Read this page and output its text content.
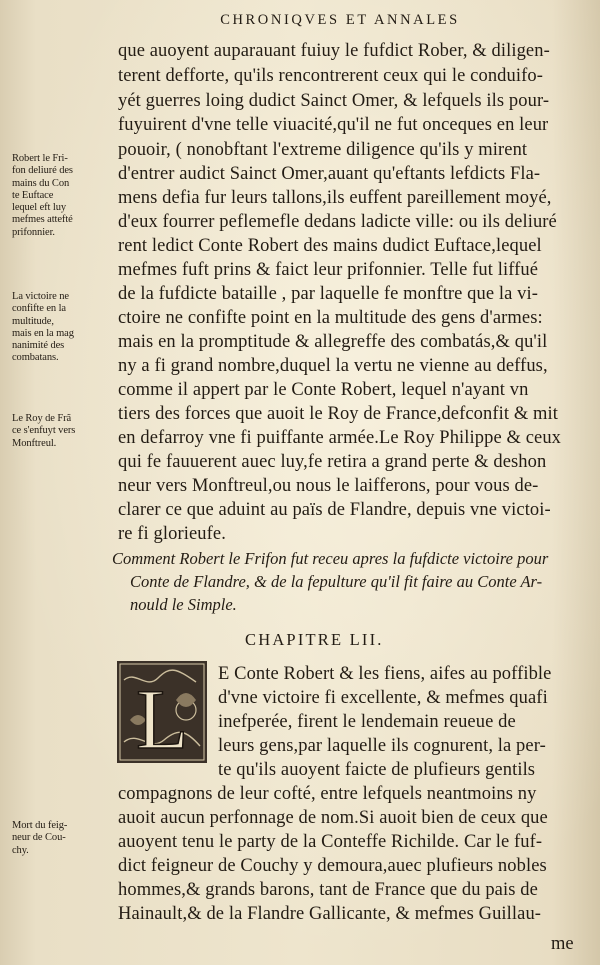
CHRONIQVES ET ANNALES
que auoyent auparauant fuiuy le fufdict Rober, & diligen-
terent defforte, qu'ils rencontrerent ceux qui le conduifo-
yét guerres loing dudict Sainct Omer, & lefquels ils pour-
fuyuirent d'vne telle viuacité,qu'il ne fut onceques en leur
pouoir, ( nonobftant l'extreme diligence qu'ils y mirent
d'entrer audict Sainct Omer,auant qu'eftants lefdicts Fla-
mens defia fur leurs tallons,ils euffent pareillement moyé,
d'eux fourrer peflemefle dedans ladicte ville: ou ils deliuré
rent ledict Conte Robert des mains dudict Euftace,lequel
mefmes fuft prins & faict leur prifonnier. Telle fut liffué
de la fufdicte bataille , par laquelle fe monftre que la vi-
ctoire ne confifte point en la multitude des gens d'armes:
mais en la promptitude & allegreffe des combatás,& qu'il
ny a fi grand nombre,duquel la vertu ne vienne au deffus,
comme il appert par le Conte Robert, lequel n'ayant vn
tiers des forces que auoit le Roy de France,defconfit & mit
en defarroy vne fi puiffante armée.Le Roy Philippe & ceux
qui fe fauuerent auec luy,fe retira a grand perte & deshon
neur vers Monftreul,ou nous le laifferons, pour vous de-
clarer ce que aduint au païs de Flandre, depuis vne victoi-
re fi glorieufe.
Comment Robert le Frifon fut receu apres la fufdicte victoire pour
Conte de Flandre, & de la fepulture qu'il fit faire au Conte Ar-
nould le Simple.
CHAPITRE LII.
L E Conte Robert & les fiens, aifes au poffible
d'vne victoire fi excellente, & mefmes quafi
inefperée, firent le lendemain reueue de
leurs gens,par laquelle ils cognurent, la per-
te qu'ils auoyent faicte de plufieurs gentils
compagnons de leur cofté, entre lefquels neantmoins ny
auoit aucun perfonnage de nom.Si auoit bien de ceux que
auoyent tenu le party de la Conteffe Richilde. Car le fuf-
dict feigneur de Couchy y demoura,auec plufieurs nobles
hommes,& grands barons, tant de France que du pais de
Hainault,& de la Flandre Gallicante, & mefmes Guillau-
me
Robert le Fri-
fon deliuré des
mains du Con
te Euftace
lequel eft luy
mefmes attefté
prifonnier.
La victoire ne
confifte en la
multitude,
mais en la mag
nanimité des
combatans.
Le Roy de Frã
ce s'enfuyt vers
Monftreul.
Mort du feig-
neur de Cou-
chy.
